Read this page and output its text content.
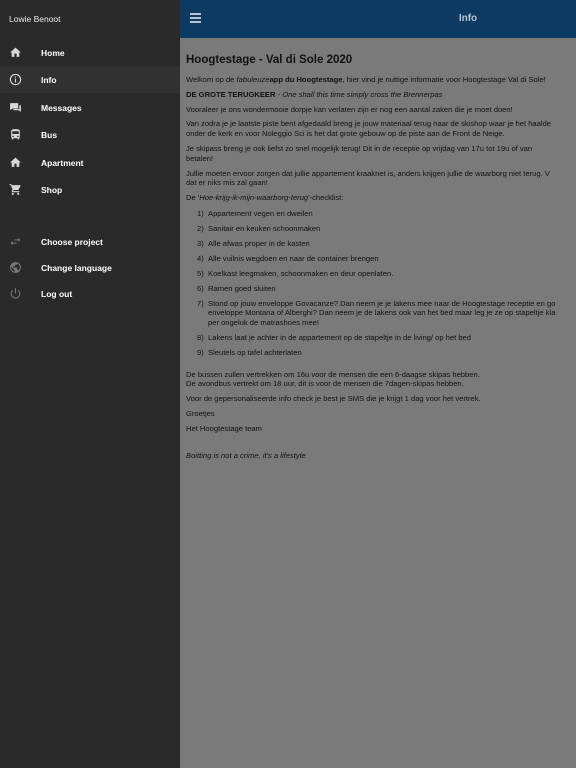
Lowie Benoot
Home
Info
Messages
Bus
Apartment
Shop
Choose project
Change language
Log out
Info
Hoogtestage - Val di Sole 2020
Welkom op de fabuleuzeapp du Hoogtestage, hier vind je nuttige informatie voor Hoogtestage Val di Sole!
DE GROTE TERUGKEER - One shall this time simply cross the Brennerpas
Vooraleer je ons wondermooie dorpje kan verlaten zijn er nog een aantal zaken die je moet doen!
Van zodra je je laatste piste bent afgedaald breng je jouw materiaal terug naar de skishop waar je het haalde
onder de kerk en voor Noleggio Sci is het dat grote gebouw op de piste aan de Front de Neige.
Je skipass breng je ook liefst zo snel mogelijk terug! Dit in de receptie op vrijdag van 17u tot 19u of van
betalen!
Jullie moeten ervoor zorgen dat jullie appartement kraaknet is, anders krijgen jullie de waarborg niet terug. V
dat er niks mis zal gaan!
De 'Hoe-krijg-ik-mijn-waarborg-terug'-checklist:
1) Appartement vegen en dweilen
2) Sanitair en keuken schoonmaken
3) Alle afwas proper in de kasten
4) Alle vuilnis wegdoen en naar de container brengen
5) Koelkast leegmaken, schoonmaken en deur openlaten.
6) Ramen goed sluiten
7) Stond op jouw enveloppe Govacanze? Dan neem je je lakens mee naar de Hoogtestage receptie en go
enveloppe Montana of Alberghi? Dan neem je de lakens ook van het bed maar leg je ze op stapeltje kla
per ongeluk de matrashoes mee!
8) Lakens laat je achter in de appartement op de stapeltje in de living/ op het bed
9) Sleutels op tafel achterlaten
De bussen zullen vertrekken om 16u voor de mensen die een 6-daagse skipas hebben.
De avondbus vertrekt om 18 uur, dit is voor de mensen die 7dagen-skipas hebben.
Voor de gepersonaliseerde info check je best je SMS die je krijgt 1 dag voor het vertrek.
Groetjes
Het Hoogtestage team
Boitting is not a crime, it's a lifestyle
